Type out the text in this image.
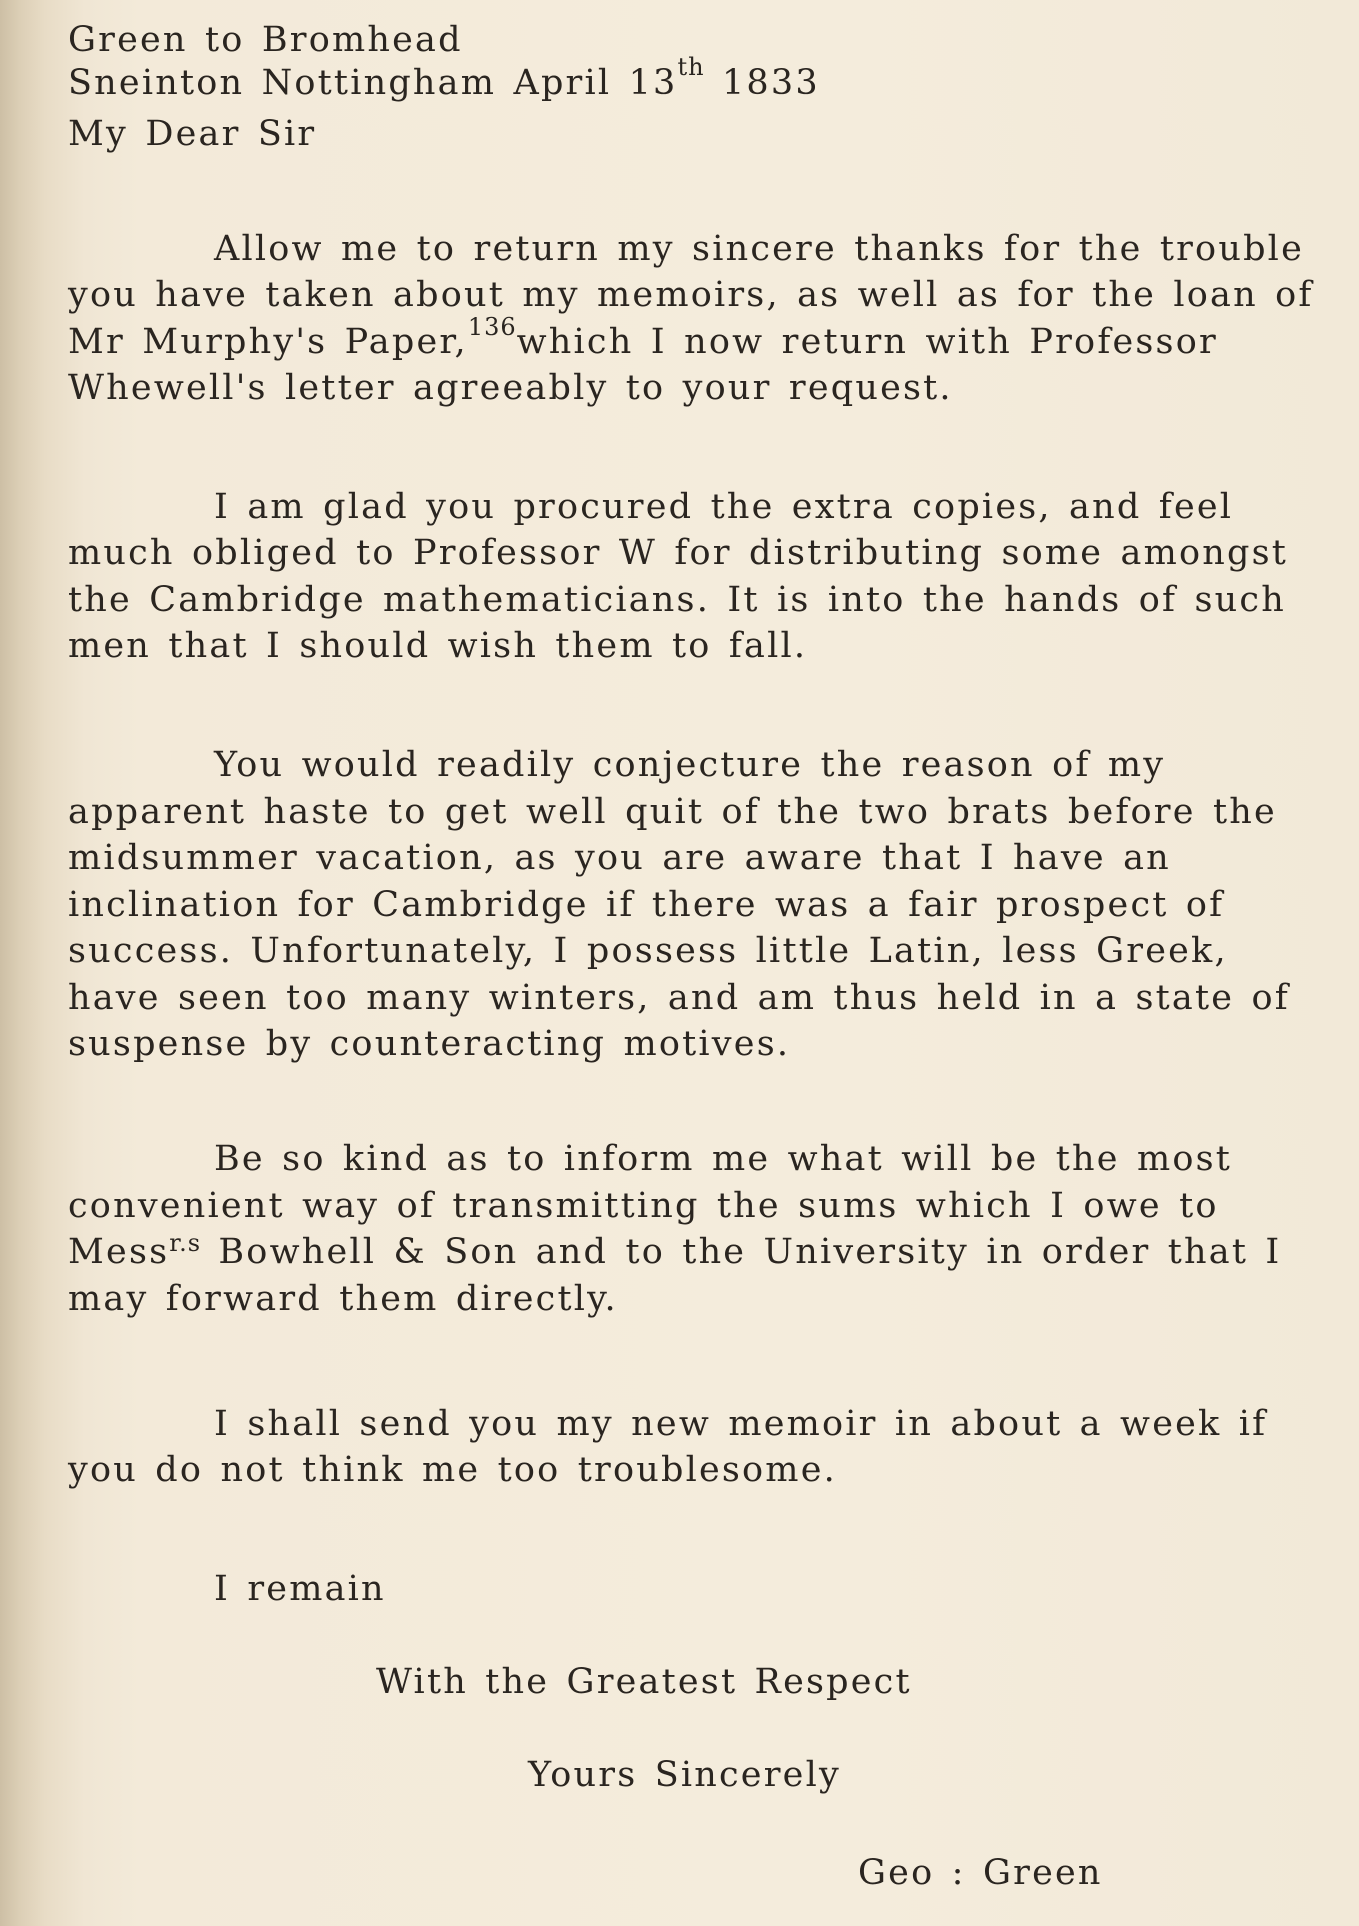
Green to Bromhead
Sneinton Nottingham April 13th 1833
My Dear Sir
Allow me to return my sincere thanks for the trouble
you have taken about my memoirs, as well as for the loan of
Mr Murphy's Paper,$^{136}$which I now return with Professor
Whewell's letter agreeably to your request.
I am glad you procured the extra copies, and feel
much obliged to Professor W for distributing some amongst
the Cambridge mathematicians. It is into the hands of such
men that I should wish them to fall.
You would readily conjecture the reason of my
apparent haste to get well quit of the two brats before the
midsummer vacation, as you are aware that I have an
inclination for Cambridge if there was a fair prospect of
success. Unfortunately, I possess little Latin, less Greek,
have seen too many winters, and am thus held in a state of
suspense by counteracting motives.
Be so kind as to inform me what will be the most
convenient way of transmitting the sums which I owe to
Mess$^{r.s}$ Bowhell & Son and to the University in order that I
may forward them directly.
I shall send you my new memoir in about a week if
you do not think me too troublesome.
I remain
With the Greatest Respect
Yours Sincerely
Geo : Green
